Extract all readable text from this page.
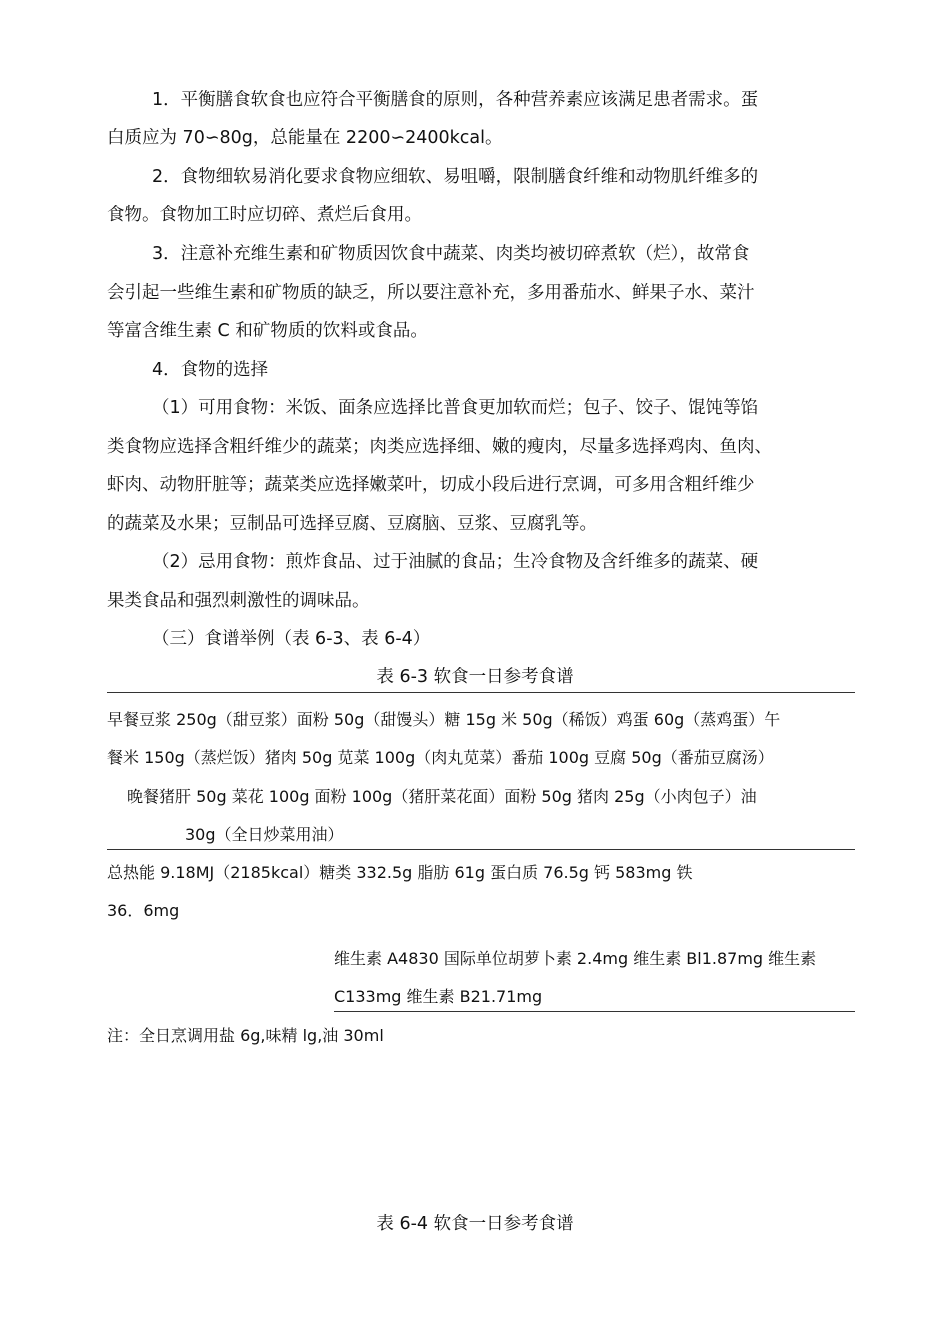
1．平衡膳食软食也应符合平衡膳食的原则，各种营养素应该满足患者需求。蛋
白质应为 70∽80g，总能量在 2200∽2400kcal。
2．食物细软易消化要求食物应细软、易咀嚼，限制膳食纤维和动物肌纤维多的
食物。食物加工时应切碎、煮烂后食用。
3．注意补充维生素和矿物质因饮食中蔬菜、肉类均被切碎煮软（烂），故常食
会引起一些维生素和矿物质的缺乏，所以要注意补充，多用番茄水、鲜果子水、菜汁
等富含维生素 C 和矿物质的饮料或食品。
4．食物的选择
（1）可用食物：米饭、面条应选择比普食更加软而烂；包子、饺子、馄饨等馅
类食物应选择含粗纤维少的蔬菜；肉类应选择细、嫩的瘦肉，尽量多选择鸡肉、鱼肉、
虾肉、动物肝脏等；蔬菜类应选择嫩菜叶，切成小段后进行烹调，可多用含粗纤维少
的蔬菜及水果；豆制品可选择豆腐、豆腐脑、豆浆、豆腐乳等。
（2）忌用食物：煎炸食品、过于油腻的食品；生冷食物及含纤维多的蔬菜、硬
果类食品和强烈刺激性的调味品。
（三）食谱举例（表 6-3、表 6-4）
表 6-3 软食一日参考食谱
早餐豆浆 250g（甜豆浆）面粉 50g（甜馒头）糖 15g 米 50g（稀饭）鸡蛋 60g（蒸鸡蛋）午
餐米 150g（蒸烂饭）猪肉 50g 苋菜 100g（肉丸苋菜）番茄 100g 豆腐 50g（番茄豆腐汤）
晚餐猪肝 50g 菜花 100g 面粉 100g（猪肝菜花面）面粉 50g 猪肉 25g（小肉包子）油
30g（全日炒菜用油）
总热能 9.18MJ（2185kcal）糖类 332.5g 脂肪 61g 蛋白质 76.5g 钙 583mg 铁
36．6mg
维生素 A4830 国际单位胡萝卜素 2.4mg 维生素 Bl1.87mg 维生素
C133mg 维生素 B21.71mg
注：全日烹调用盐 6g,味精 lg,油 30ml
表 6-4 软食一日参考食谱
